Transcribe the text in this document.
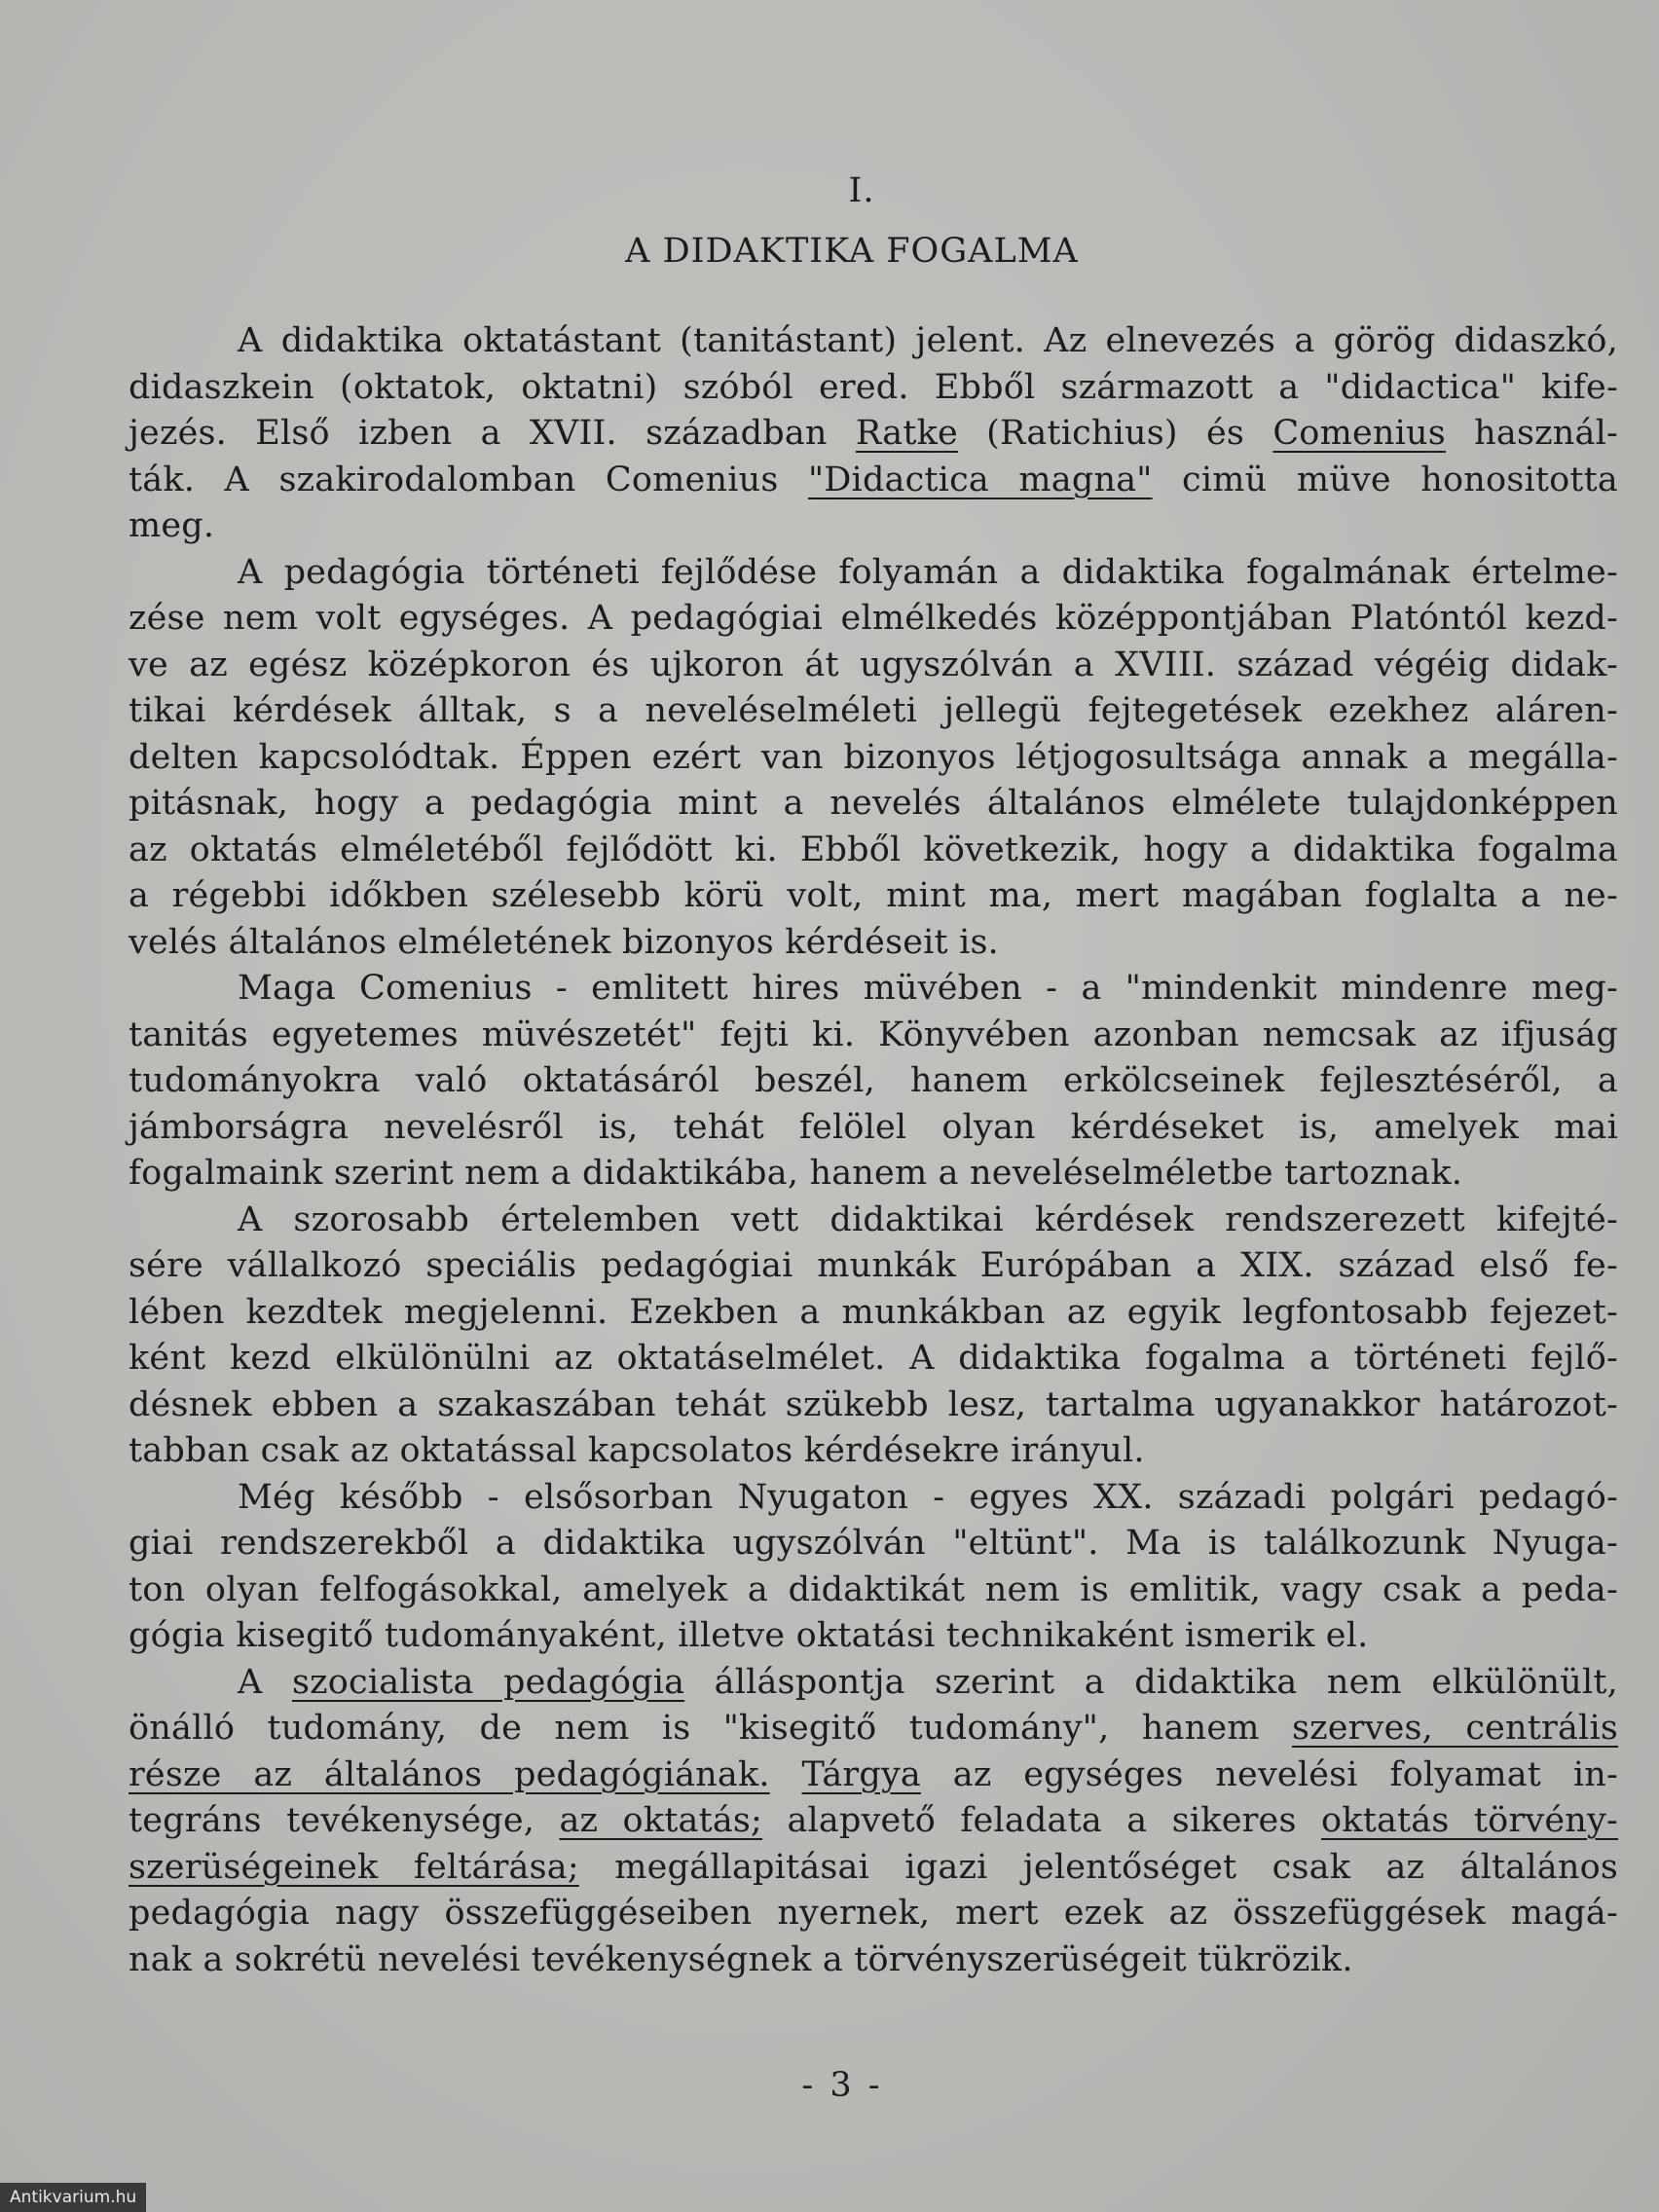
I.
A DIDAKTIKA FOGALMA
A didaktika oktatástant (tanitástant) jelent. Az elnevezés a görög didaszkó,
didaszkein (oktatok, oktatni) szóból ered. Ebből származott a "didactica" kife-
jezés. Első izben a XVII. században Ratke (Ratichius) és Comenius használ-
ták. A szakirodalomban Comenius "Didactica magna" cimü müve honositotta
meg.
A pedagógia történeti fejlődése folyamán a didaktika fogalmának értelme-
zése nem volt egységes. A pedagógiai elmélkedés középpontjában Platóntól kezd-
ve az egész középkoron és ujkoron át ugyszólván a XVIII. század végéig didak-
tikai kérdések álltak, s a neveléselméleti jellegü fejtegetések ezekhez aláren-
delten kapcsolódtak. Éppen ezért van bizonyos létjogosultsága annak a megálla-
pitásnak, hogy a pedagógia mint a nevelés általános elmélete tulajdonképpen
az oktatás elméletéből fejlődött ki. Ebből következik, hogy a didaktika fogalma
a régebbi időkben szélesebb körü volt, mint ma, mert magában foglalta a ne-
velés általános elméletének bizonyos kérdéseit is.
Maga Comenius - emlitett hires müvében - a "mindenkit mindenre meg-
tanitás egyetemes müvészetét" fejti ki. Könyvében azonban nemcsak az ifjuság
tudományokra való oktatásáról beszél, hanem erkölcseinek fejlesztéséről, a
jámborságra nevelésről is, tehát felölel olyan kérdéseket is, amelyek mai
fogalmaink szerint nem a didaktikába, hanem a neveléselméletbe tartoznak.
A szorosabb értelemben vett didaktikai kérdések rendszerezett kifejté-
sére vállalkozó speciális pedagógiai munkák Európában a XIX. század első fe-
lében kezdtek megjelenni. Ezekben a munkákban az egyik legfontosabb fejezet-
ként kezd elkülönülni az oktatáselmélet. A didaktika fogalma a történeti fejlő-
désnek ebben a szakaszában tehát szükebb lesz, tartalma ugyanakkor határozot-
tabban csak az oktatással kapcsolatos kérdésekre irányul.
Még később - elsősorban Nyugaton - egyes XX. századi polgári pedagó-
giai rendszerekből a didaktika ugyszólván "eltünt". Ma is találkozunk Nyuga-
ton olyan felfogásokkal, amelyek a didaktikát nem is emlitik, vagy csak a peda-
gógia kisegitő tudományaként, illetve oktatási technikaként ismerik el.
A szocialista pedagógia álláspontja szerint a didaktika nem elkülönült,
önálló tudomány, de nem is "kisegitő tudomány", hanem szerves, centrális
része az általános pedagógiának. Tárgya az egységes nevelési folyamat in-
tegráns tevékenysége, az oktatás; alapvető feladata a sikeres oktatás törvény-
szerüségeinek feltárása; megállapitásai igazi jelentőséget csak az általános
pedagógia nagy összefüggéseiben nyernek, mert ezek az összefüggések magá-
nak a sokrétü nevelési tevékenységnek a törvényszerüségeit tükrözik.
- 3 -
Antikvarium.hu
